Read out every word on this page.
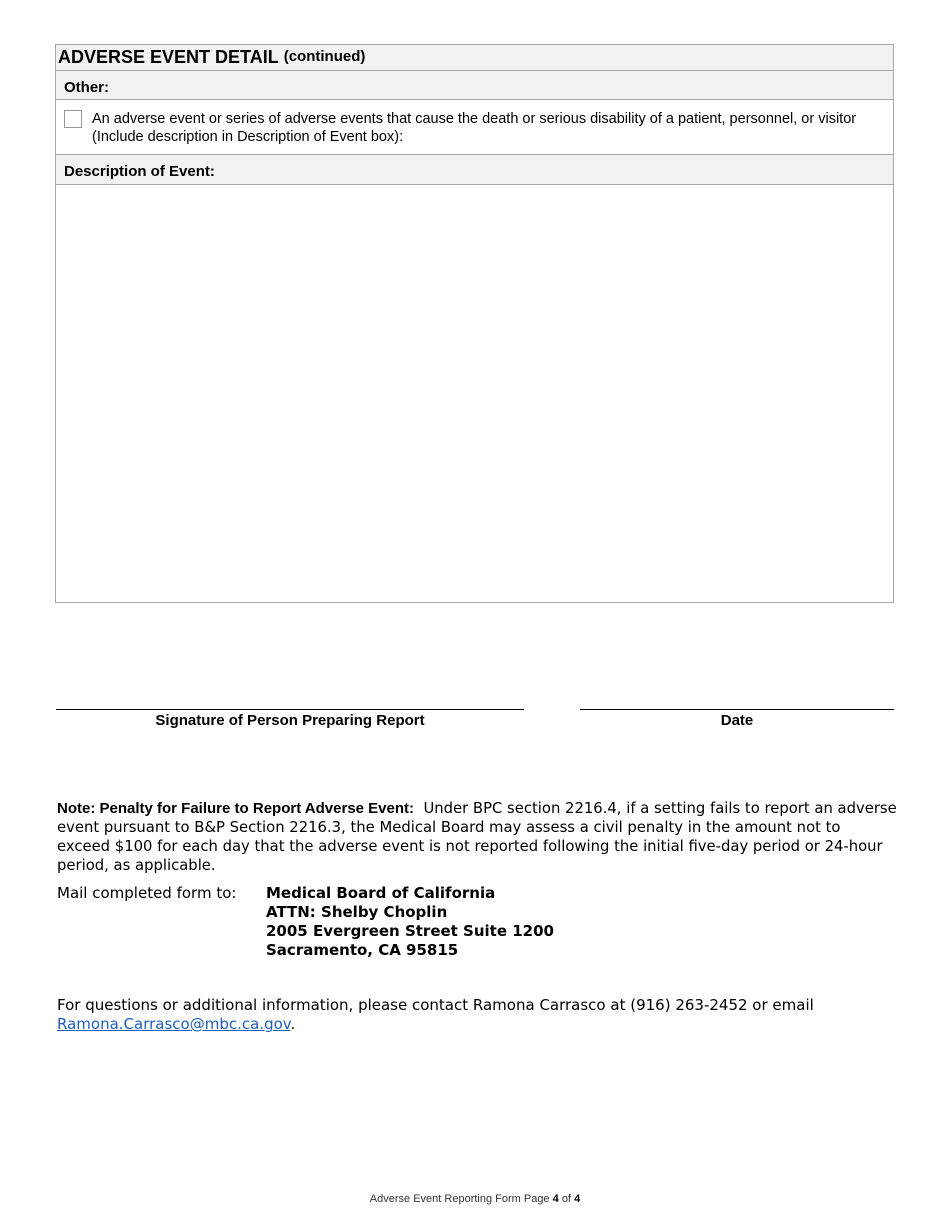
ADVERSE EVENT DETAIL (continued)
Other:
An adverse event or series of adverse events that cause the death or serious disability of a patient, personnel, or visitor (Include description in Description of Event box):
Description of Event:
Signature of Person Preparing Report	Date
Note: Penalty for Failure to Report Adverse Event: Under BPC section 2216.4, if a setting fails to report an adverse event pursuant to B&P Section 2216.3, the Medical Board may assess a civil penalty in the amount not to exceed $100 for each day that the adverse event is not reported following the initial five-day period or 24-hour period, as applicable.
Mail completed form to: Medical Board of California
ATTN: Shelby Choplin
2005 Evergreen Street Suite 1200
Sacramento, CA 95815
For questions or additional information, please contact Ramona Carrasco at (916) 263-2452 or email
Ramona.Carrasco@mbc.ca.gov.
Adverse Event Reporting Form Page 4 of 4
